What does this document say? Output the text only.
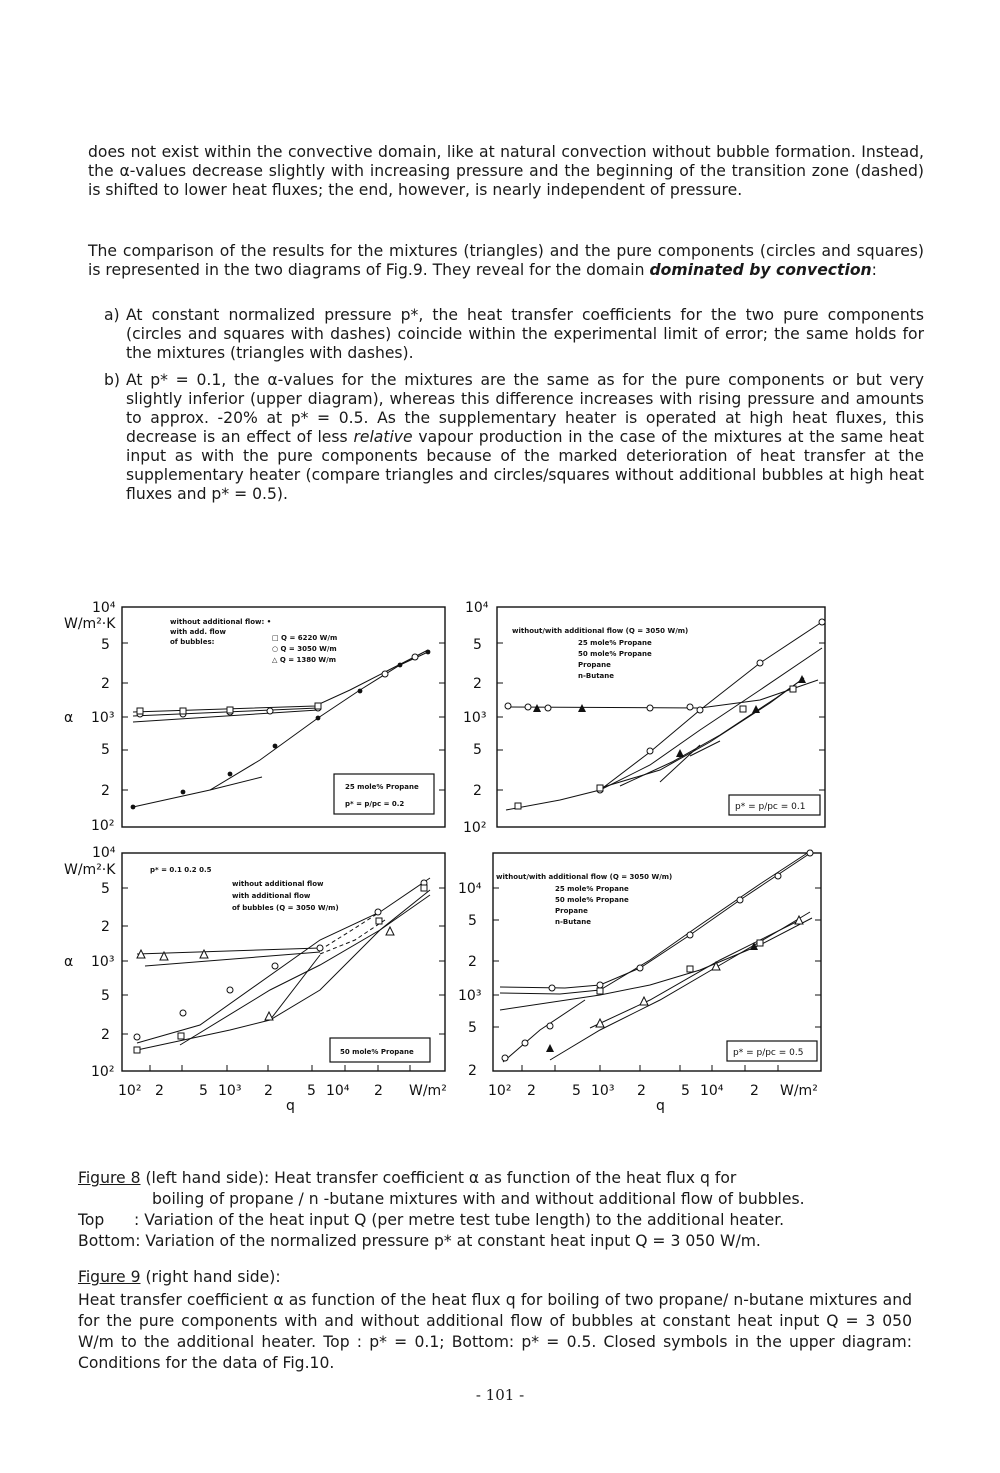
does not exist within the convective domain, like at natural convection without bubble formation. Instead, the α-values decrease slightly with increasing pressure and the beginning of the transition zone (dashed) is shifted to lower heat fluxes; the end, however, is nearly independent of pressure.

The comparison of the results for the mixtures (triangles) and the pure components (circles and squares) is represented in the two diagrams of Fig.9. They reveal for the domain dominated by convection:

a) At constant normalized pressure p*, the heat transfer coefficients for the two pure components (circles and squares with dashes) coincide within the experimental limit of error; the same holds for the mixtures (triangles with dashes).
b) At p* = 0.1, the α-values for the mixtures are the same as for the pure components or but very slightly inferior (upper diagram), whereas this difference increases with rising pressure and amounts to approx. -20% at p* = 0.5. As the supplementary heater is operated at high heat fluxes, this decrease is an effect of less relative vapour production in the case of the mixtures at the same heat input as with the pure components because of the marked deterioration of heat transfer at the supplementary heater (compare triangles and circles/squares without additional bubbles at high heat fluxes and p* = 0.5).
10⁴
W/m²·K
5
2
α 10³
5
2
10²
without additional flow: •
with add. flow
of bubbles:	□ Q = 6220 W/m
○ Q = 3050 W/m
△ Q = 1380 W/m
25 mole% Propane
p* = p/pᴄ = 0.2
10⁴
5
2
10³
5
2
10²
without/with additional flow (Q = 3050 W/m)
25 mole% Propane
50 mole% Propane
Propane
n-Butane
p* = p/pᴄ = 0.1
10⁴
W/m²·K
5
2
α 10³
5
2
10²
p* = 0.1 0.2 0.5
without additional flow
with additional flow
of bubbles (Q = 3050 W/m)
50 mole% Propane
10² 2	5 10³ 2 5 10⁴ 2 W/m²
q
10⁴
5
2
10³
5
2
without/with additional flow (Q = 3050 W/m)
25 mole% Propane
50 mole% Propane
Propane
n-Butane
p* = p/pᴄ = 0.5
10² 2	5 10³ 2	5 10⁴ 2 W/m²
q
Figure 8 (left hand side): Heat transfer coefficient α as function of the heat flux q for
boiling of propane / n -butane mixtures with and without additional flow of bubbles.
Top      : Variation of the heat input Q (per metre test tube length) to the additional heater.
Bottom: Variation of the normalized pressure p* at constant heat input Q = 3 050 W/m.
Figure 9 (right hand side):
Heat transfer coefficient α as function of the heat flux q for boiling of two propane/ n-butane mixtures and for the pure components with and without additional flow of bubbles at constant heat input Q = 3 050 W/m to the additional heater. Top : p* = 0.1; Bottom: p* = 0.5. Closed symbols in the upper diagram: Conditions for the data of Fig.10.
- 101 -
